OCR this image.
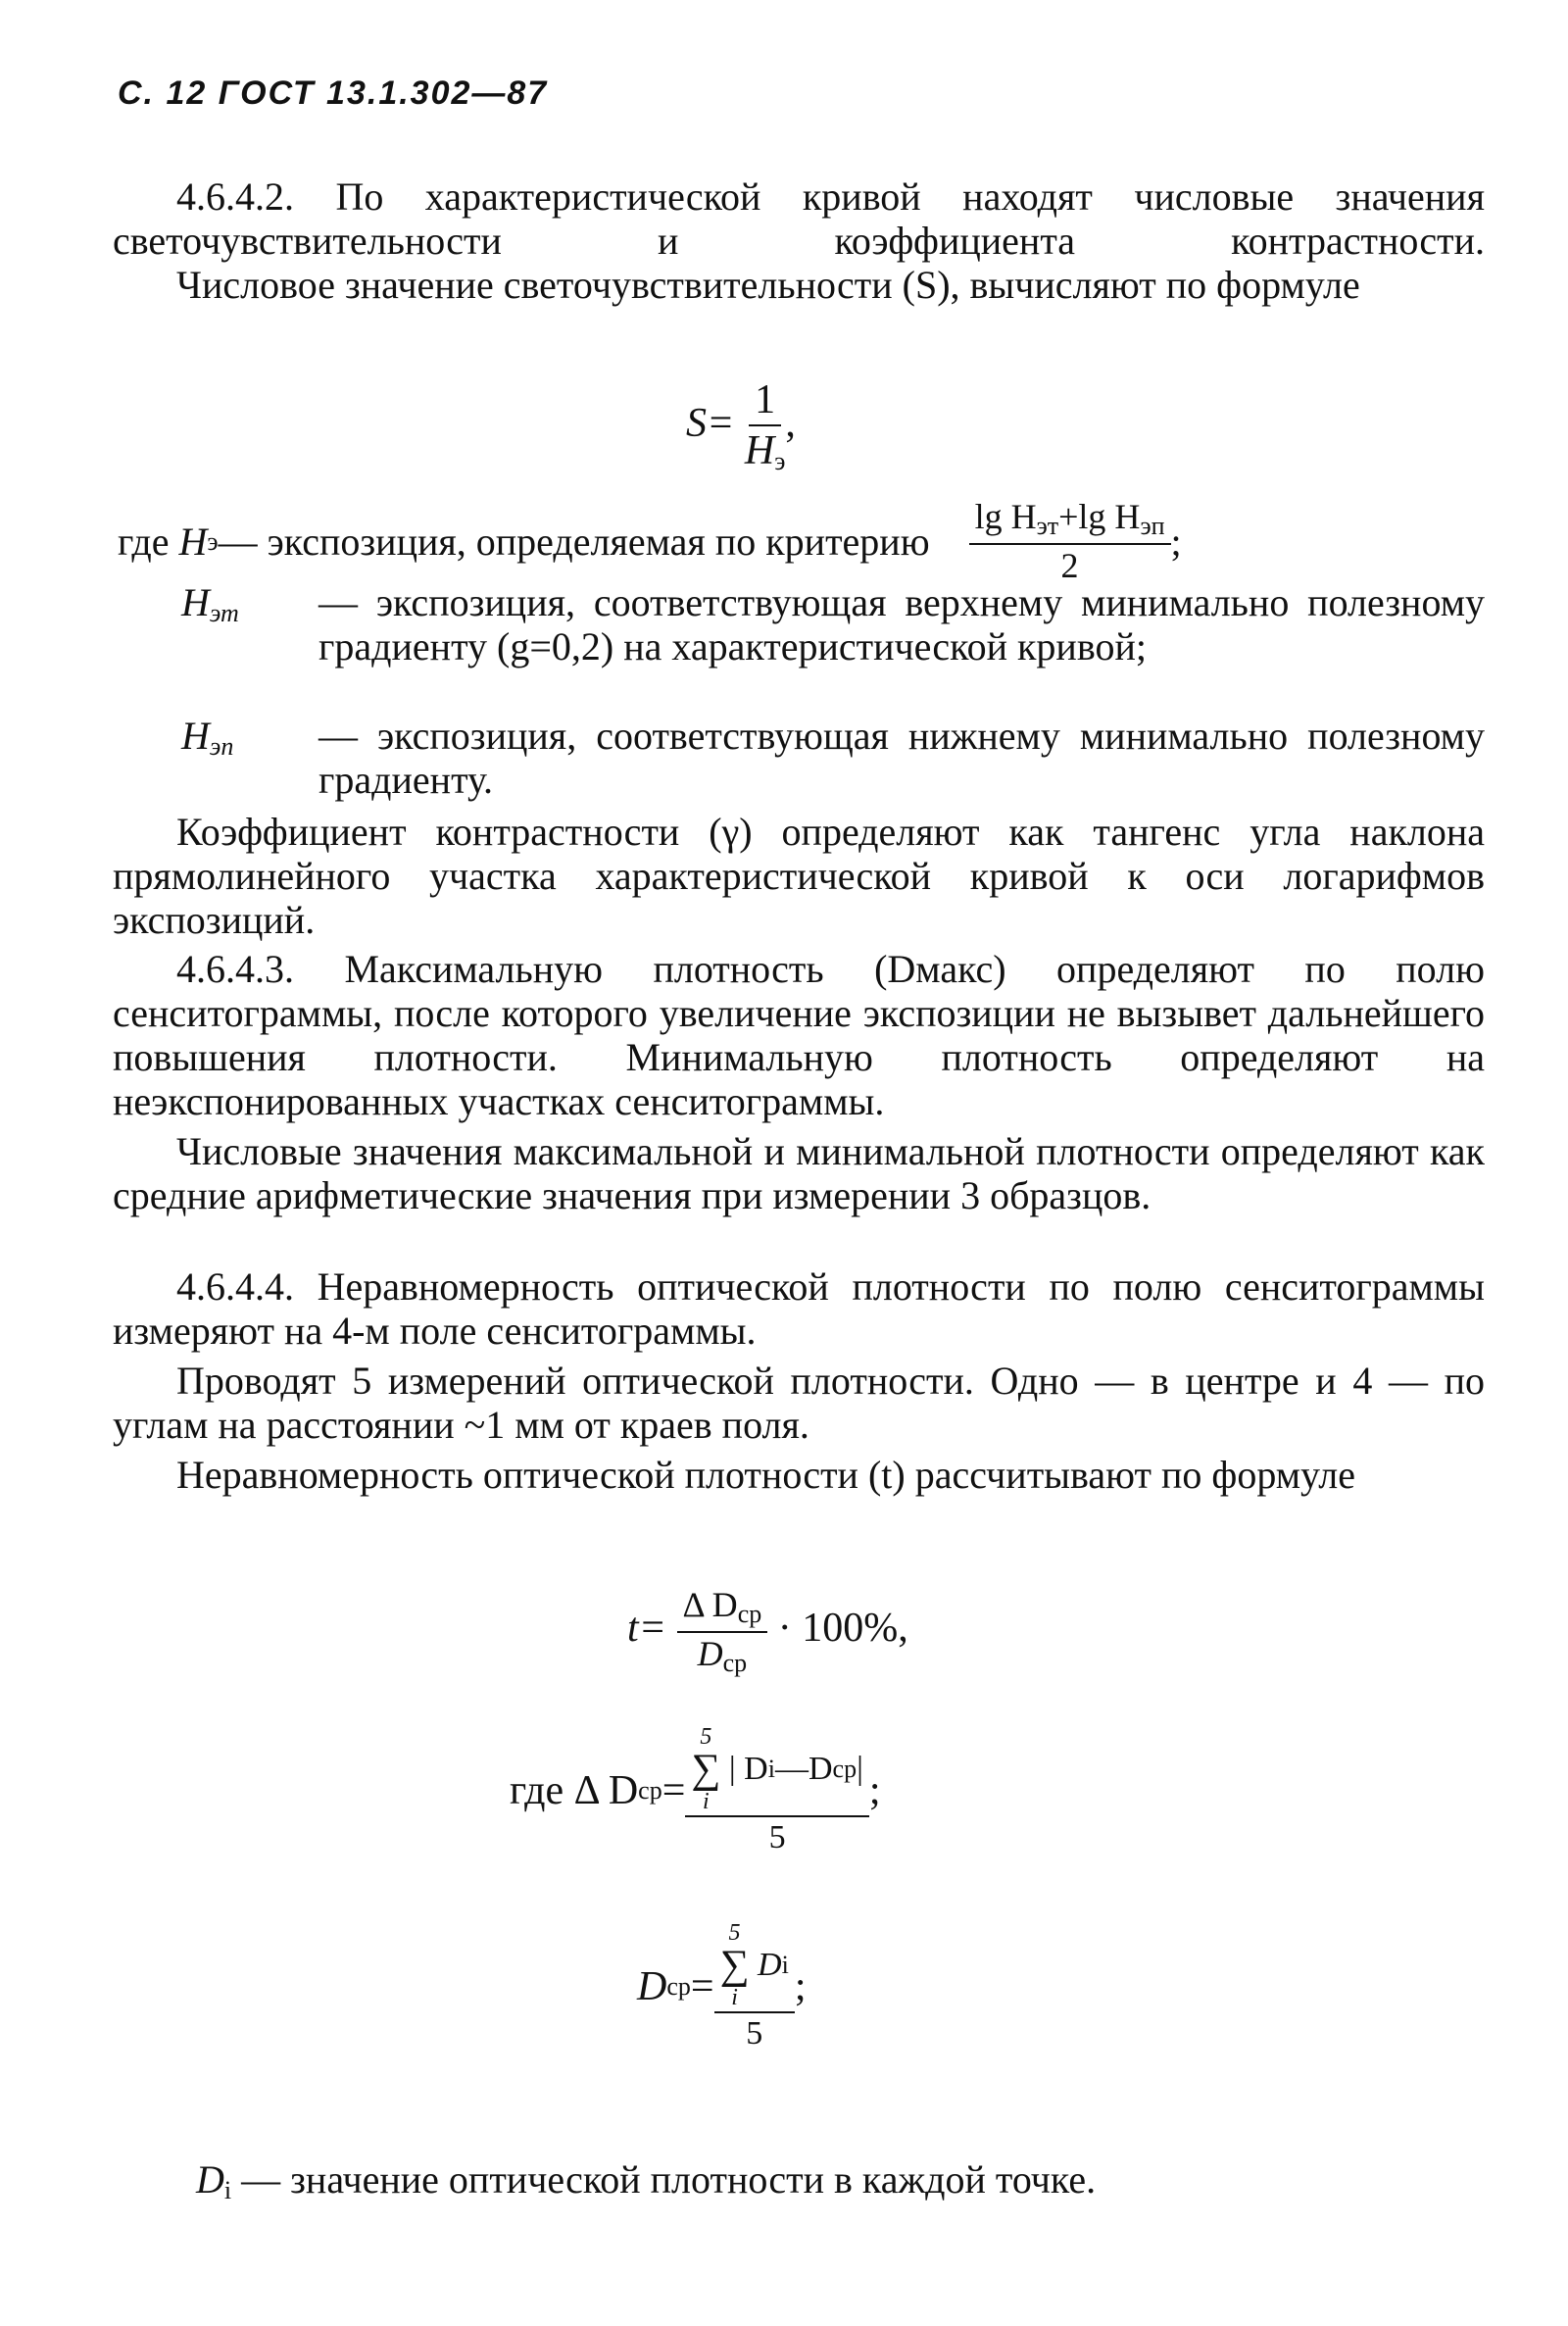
С. 12 ГОСТ 13.1.302—87
4.6.4.2. По характеристической кривой находят числовые значения светочувствительности и коэффициента контрастности.
Числовое значение светочувствительности (S), вычисляют по формуле
$S= \frac{1}{H_э}$ ,
где
H э — экспозиция, определяемая по критерию $\frac{\lg H_{эт}+\lg H_{эп}}{2}$ ;
$H_{эт}$	— экспозиция, соответствующая верхнему минимально полезному градиенту (g=0,2) на характеристической кривой;
$H_{эп}$	— экспозиция, соответствующая нижнему минимально полезному градиенту.
Коэффициент контрастности (γ) определяют как тангенс угла наклона прямолинейного участка характеристической кривой к оси логарифмов экспозиций.
4.6.4.3. Максимальную плотность (Dмакс) определяют по полю сенситограммы, после которого увеличение экспозиции не вызывет дальнейшего повышения плотности. Минимальную плотность определяют на неэкспонированных участках сенситограммы.
Числовые значения максимальной и минимальной плотности определяют как средние арифметические значения при измерении 3 образцов.
4.6.4.4. Неравномерность оптической плотности по полю сенситограммы измеряют на 4-м поле сенситограммы.
Проводят 5 измерений оптической плотности. Одно — в центре и 4 — по углам на расстоянии ~1 мм от краев поля.
Неравномерность оптической плотности (t) рассчитывают по формуле
$t= \frac{\Delta D_{ср}}{D_{ср}} \cdot 100\%$,
где Δ D ср = 5
∑
i

| D i —D ср |
5 ;
D ср = 5
∑
i

D i
5 ;
$D_i$ — значение оптической плотности в каждой точке.
